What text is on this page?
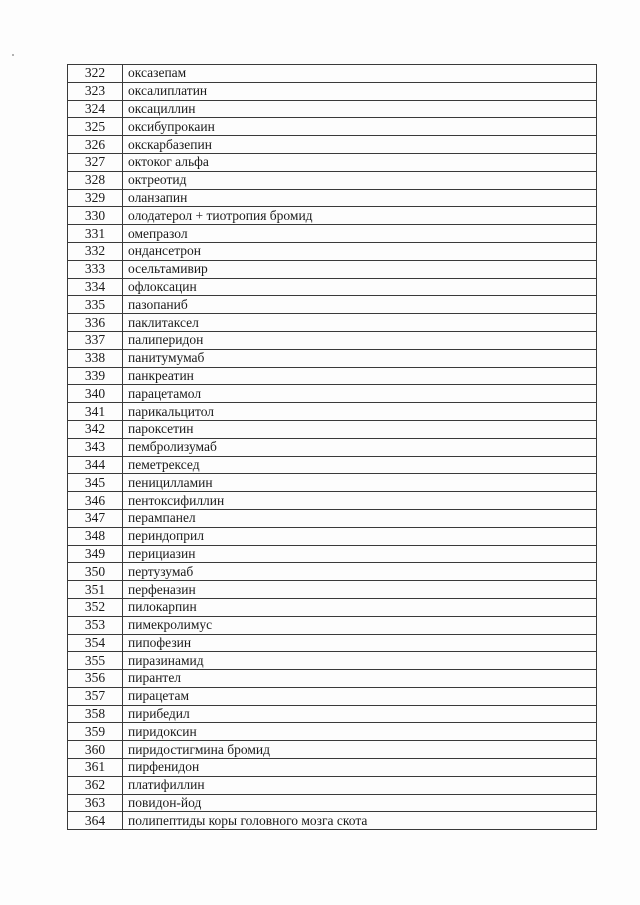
322	оксазепам
323	оксалиплатин
324	оксациллин
325	оксибупрокаин
326	окскарбазепин
327	октоког альфа
328	октреотид
329	оланзапин
330	олодатерол + тиотропия бромид
331	омепразол
332	ондансетрон
333	осельтамивир
334	офлоксацин
335	пазопаниб
336	паклитаксел
337	палиперидон
338	панитумумаб
339	панкреатин
340	парацетамол
341	парикальцитол
342	пароксетин
343	пембролизумаб
344	пеметрексед
345	пеницилламин
346	пентоксифиллин
347	перампанел
348	периндоприл
349	перициазин
350	пертузумаб
351	перфеназин
352	пилокарпин
353	пимекролимус
354	пипофезин
355	пиразинамид
356	пирантел
357	пирацетам
358	пирибедил
359	пиридоксин
360	пиридостигмина бромид
361	пирфенидон
362	платифиллин
363	повидон-йод
364	полипептиды коры головного мозга скота
